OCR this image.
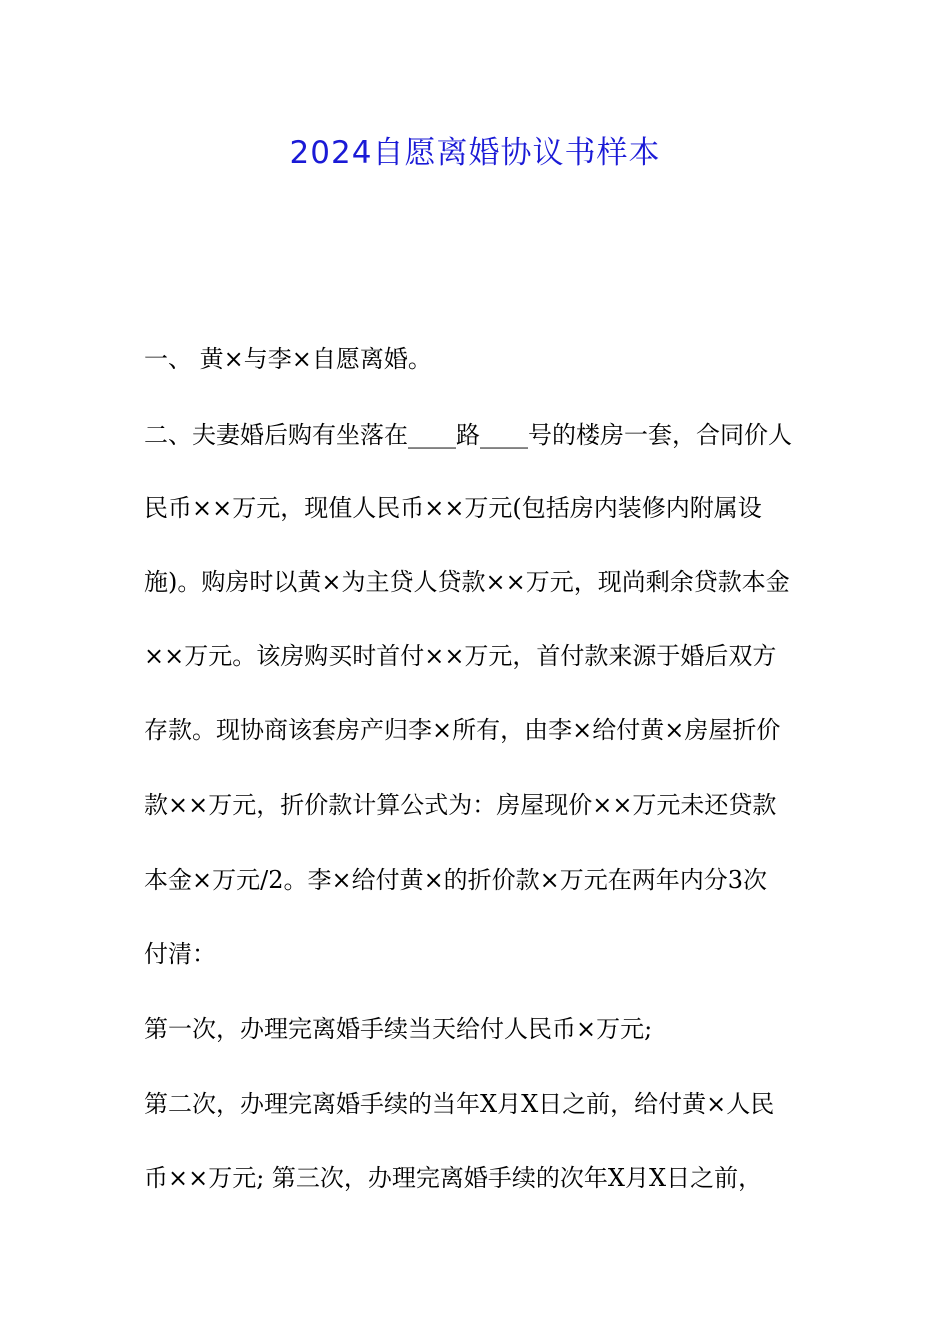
2024自愿离婚协议书样本
一、 黄×与李×自愿离婚。
二、夫妻婚后购有坐落在____路____号的楼房一套，合同价人
民币××万元，现值人民币××万元(包括房内装修内附属设
施)。购房时以黄×为主贷人贷款××万元，现尚剩余贷款本金
××万元。该房购买时首付××万元，首付款来源于婚后双方
存款。现协商该套房产归李×所有，由李×给付黄×房屋折价
款××万元，折价款计算公式为：房屋现价××万元未还贷款
本金×万元/2。李×给付黄×的折价款×万元在两年内分3次
付清：
第一次，办理完离婚手续当天给付人民币×万元;
第二次，办理完离婚手续的当年X月X日之前，给付黄×人民
币××万元; 第三次，办理完离婚手续的次年X月X日之前，
